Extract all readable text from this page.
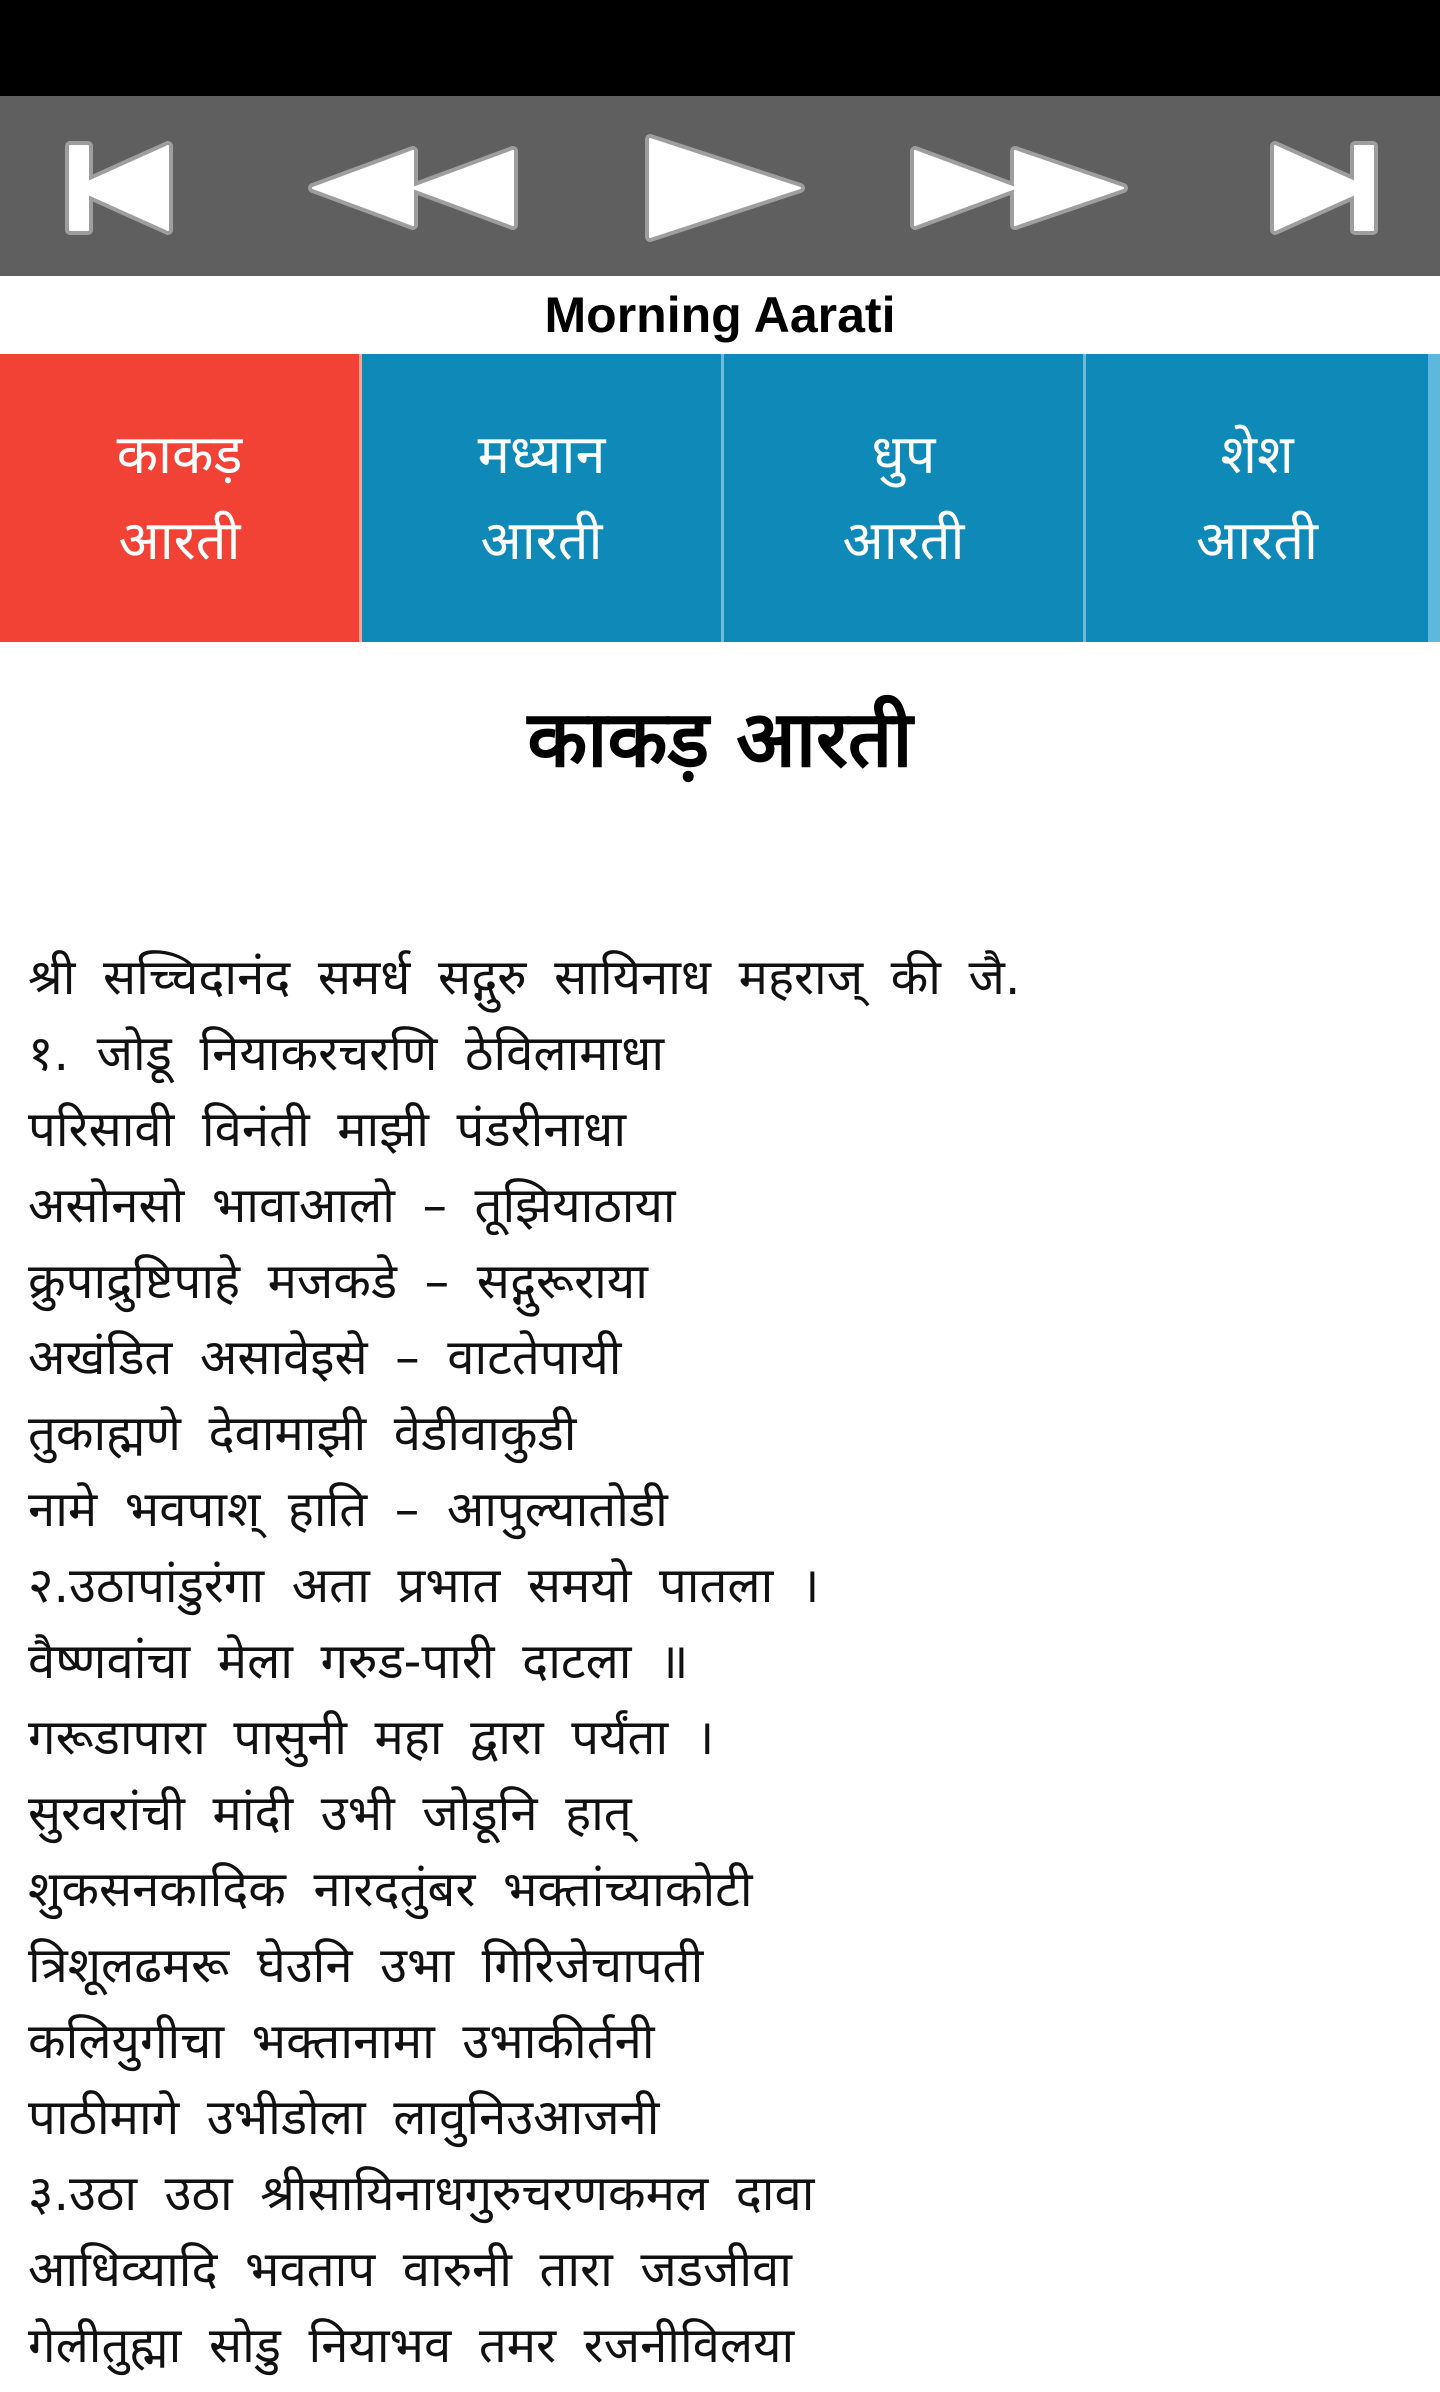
Morning Aarati
काकड़
आरती
मध्यान
आरती
धुप
आरती
शेश
आरती
काकड़ आरती
श्री सच्चिदानंद समर्ध सद्गुरु सायिनाध महराज् की जै.
१. जोडू नियाकरचरणि ठेविलामाधा
परिसावी विनंती माझी पंडरीनाधा
असोनसो भावाआलो – तूझियाठाया
क्रुपाद्रुष्टिपाहे मजकडे – सद्गुरूराया
अखंडित असावेइसे – वाटतेपायी
तुकाह्मणे देवामाझी वेडीवाकुडी
नामे भवपाश् हाति – आपुल्यातोडी
२.उठापांडुरंगा अता प्रभात समयो पातला ।
वैष्णवांचा मेला गरुड-पारी दाटला ॥
गरूडापारा पासुनी महा द्वारा पर्यंता ।
सुरवरांची मांदी उभी जोडूनि हात्
शुकसनकादिक नारदतुंबर भक्तांच्याकोटी
त्रिशूलढमरू घेउनि उभा गिरिजेचापती
कलियुगीचा भक्तानामा उभाकीर्तनी
पाठीमागे उभीडोला लावुनिउआजनी
३.उठा उठा श्रीसायिनाधगुरुचरणकमल दावा
आधिव्यादि भवताप वारुनी तारा जडजीवा
गेलीतुह्मा सोडु नियाभव तमर रजनीविलया
